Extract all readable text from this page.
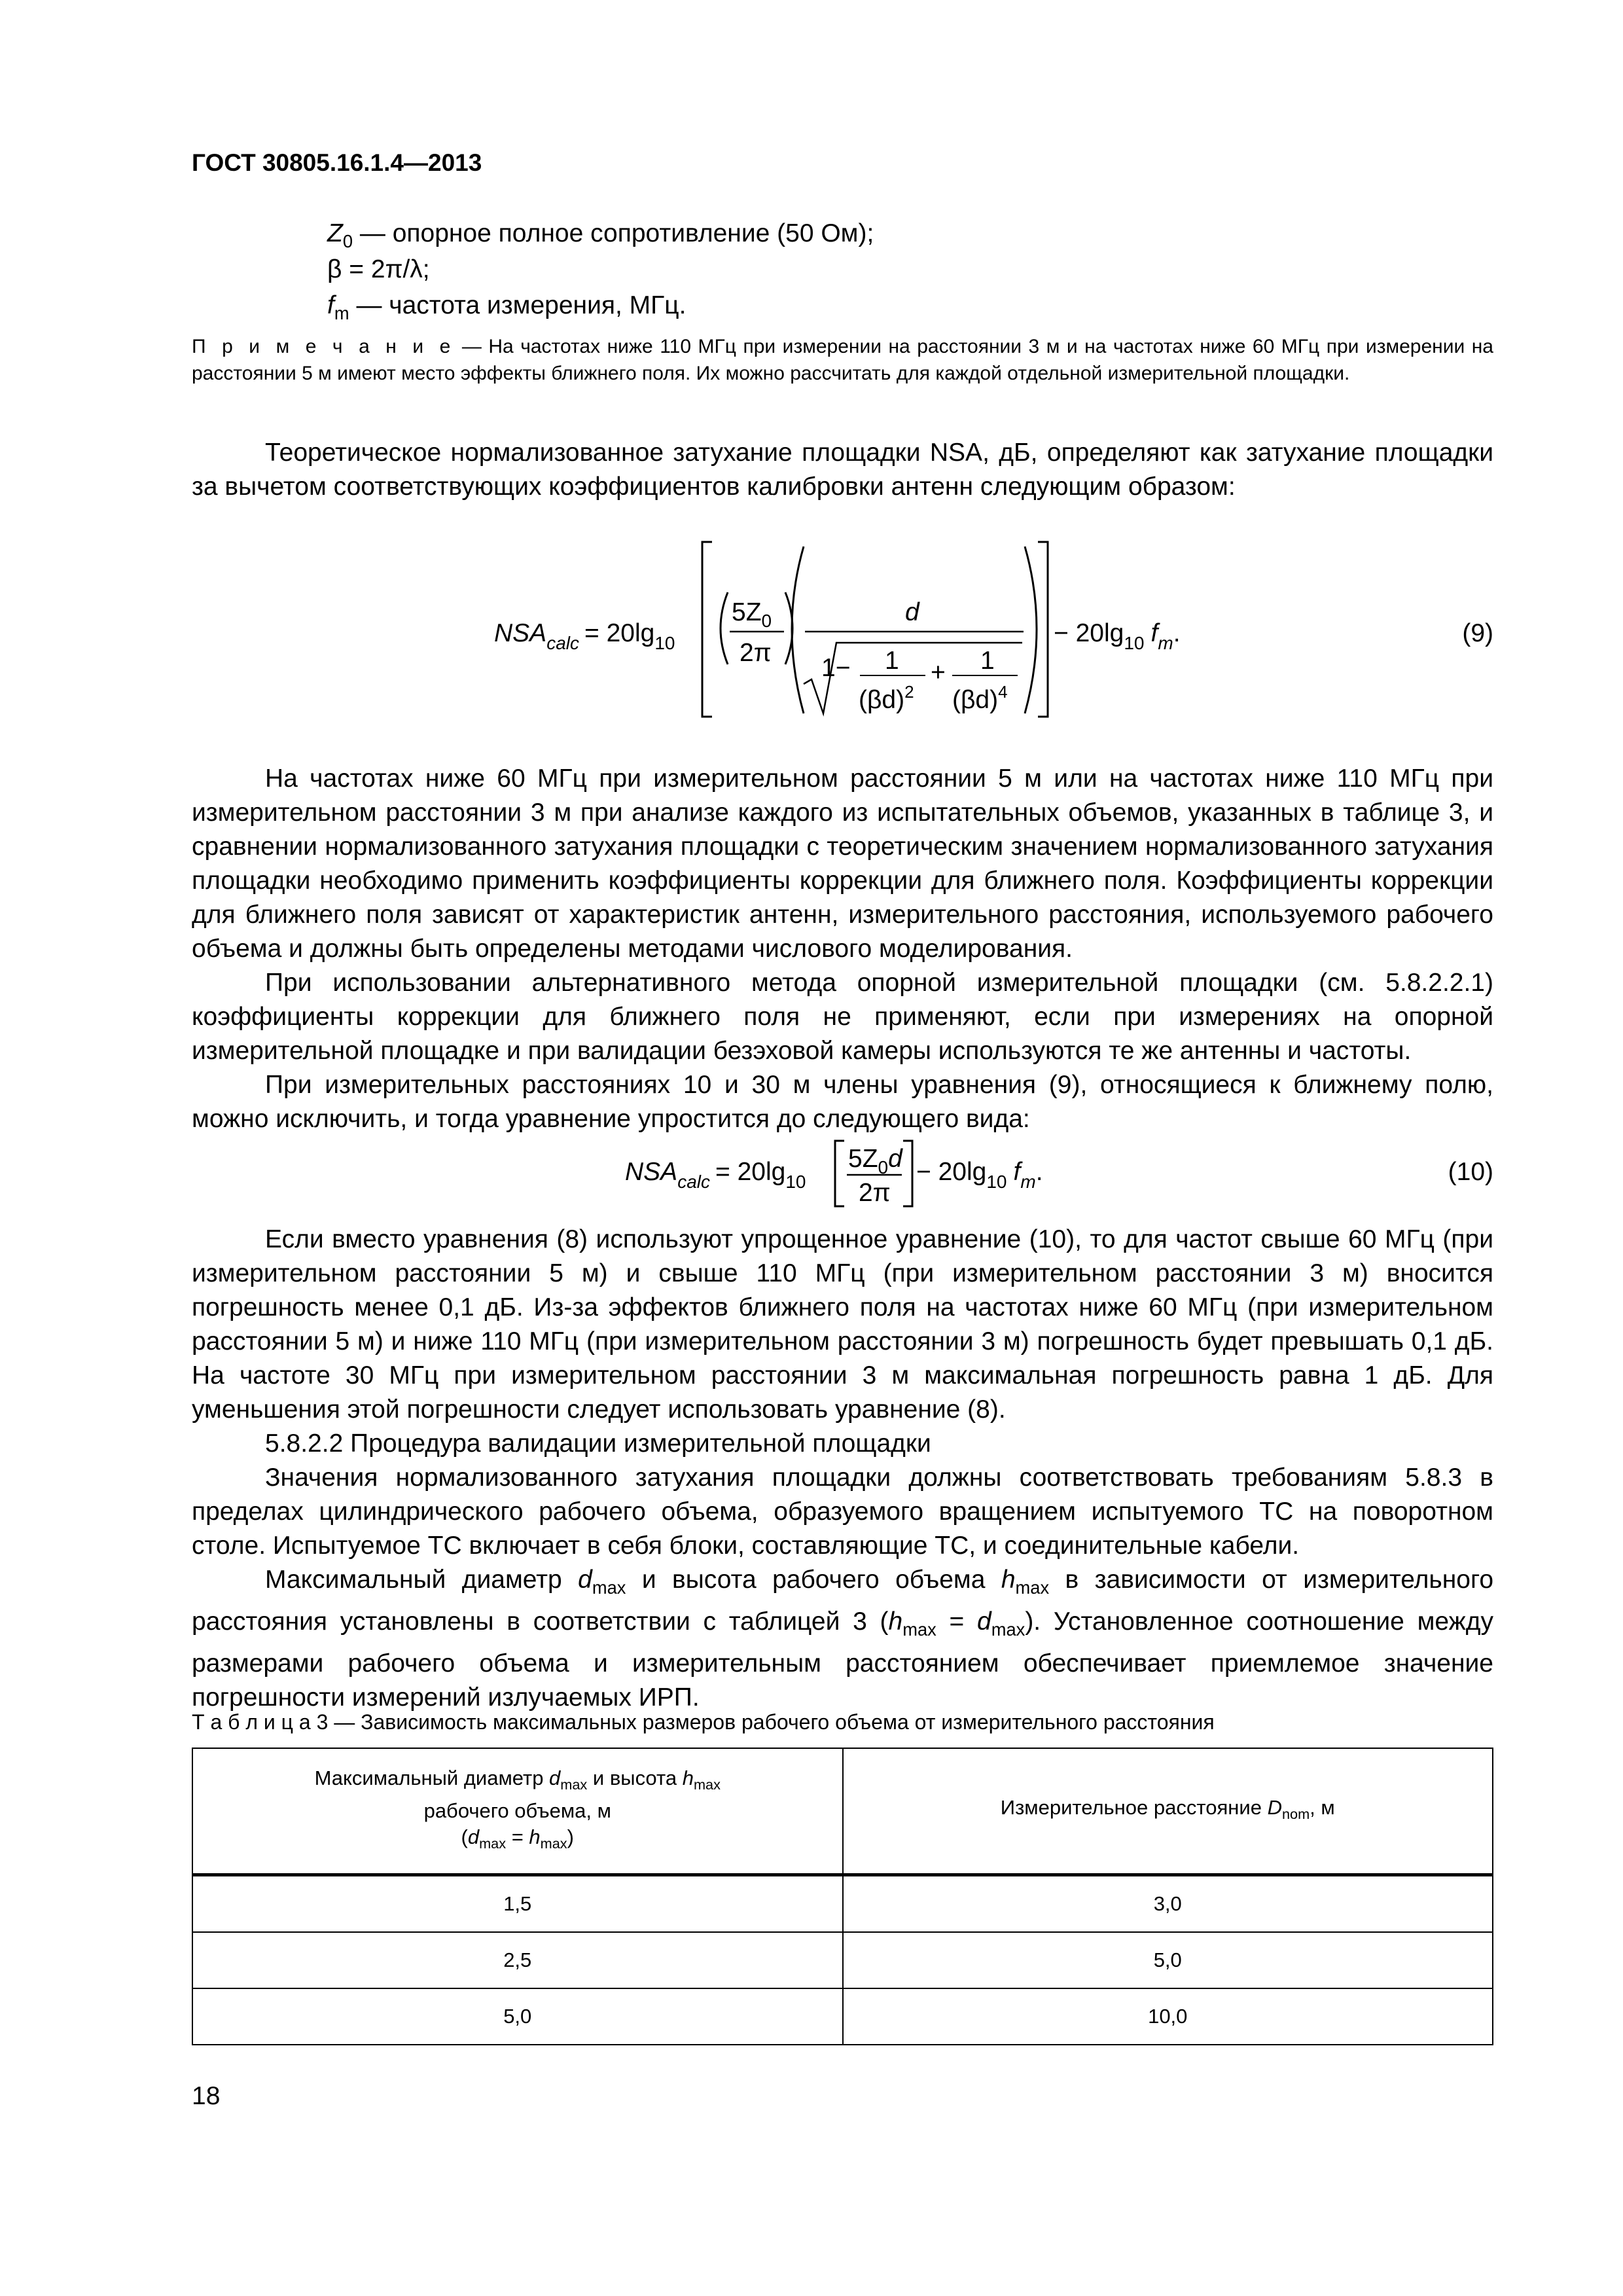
ГОСТ 30805.16.1.4—2013
$Z_0$ — опорное полное сопротивление (50 Ом);
β = 2π/λ;
$f_m$ — частота измерения, МГц.
П р и м е ч а н и е — На частотах ниже 110 МГц при измерении на расстоянии 3 м и на частотах ниже 60 МГц при измерении на расстоянии 5 м имеют место эффекты ближнего поля. Их можно рассчитать для каждой отдельной измерительной площадки.

Теоретическое нормализованное затухание площадки NSA, дБ, определяют как затухание площадки за вычетом соответствующих коэффициентов калибровки антенн следующим образом:

$NSA_{calc} = 20\lg_{10}$
$5Z_0$
2π
d
1− 1
$(\beta d)^2$
+ 1
$(\beta d)^4$
− $20\lg_{10}$ $f_m$.	(9)

На частотах ниже 60 МГц при измерительном расстоянии 5 м или на частотах ниже 110 МГц при измерительном расстоянии 3 м при анализе каждого из испытательных объемов, указанных в таблице 3, и сравнении нормализованного затухания площадки с теоретическим значением нормализованного затухания площадки необходимо применить коэффициенты коррекции для ближнего поля. Коэффициенты коррекции для ближнего поля зависят от характеристик антенн, измерительного расстояния, используемого рабочего объема и должны быть определены методами числового моделирования.

При использовании альтернативного метода опорной измерительной площадки (см. 5.8.2.2.1) коэффициенты коррекции для ближнего поля не применяют, если при измерениях на опорной измерительной площадке и при валидации безэховой камеры используются те же антенны и частоты.

При измерительных расстояниях 10 и 30 м члены уравнения (9), относящиеся к ближнему полю, можно исключить, и тогда уравнение упростится до следующего вида:

$NSA_{calc} = 20\lg_{10}$
$5Z_0d$
2π
− $20\lg_{10}$ $f_m$.	(10)

Если вместо уравнения (8) используют упрощенное уравнение (10), то для частот свыше 60 МГц (при измерительном расстоянии 5 м) и свыше 110 МГц (при измерительном расстоянии 3 м) вносится погрешность менее 0,1 дБ. Из-за эффектов ближнего поля на частотах ниже 60 МГц (при измерительном расстоянии 5 м) и ниже 110 МГц (при измерительном расстоянии 3 м) погрешность будет превышать 0,1 дБ. На частоте 30 МГц при измерительном расстоянии 3 м максимальная погрешность равна 1 дБ. Для уменьшения этой погрешности следует использовать уравнение (8).

5.8.2.2 Процедура валидации измерительной площадки

Значения нормализованного затухания площадки должны соответствовать требованиям 5.8.3 в пределах цилиндрического рабочего объема, образуемого вращением испытуемого ТС на поворотном столе. Испытуемое ТС включает в себя блоки, составляющие ТС, и соединительные кабели.

Максимальный диаметр $d_{max}$ и высота рабочего объема $h_{max}$ в зависимости от измерительного расстояния установлены в соответствии с таблицей 3 $(h_{max} = d_{max})$. Установленное соотношение между размерами рабочего объема и измерительным расстоянием обеспечивает приемлемое значение погрешности измерений излучаемых ИРП.

Т а б л и ц а 3 — Зависимость максимальных размеров рабочего объема от измерительного расстояния
Максимальный диаметр $d_{max}$ и высота $h_{max}$
рабочего объема, м
$(d_{max} = h_{max})$	Измерительное расстояние $D_{nom}$, м
1,5	3,0
2,5	5,0
5,0	10,0
18
